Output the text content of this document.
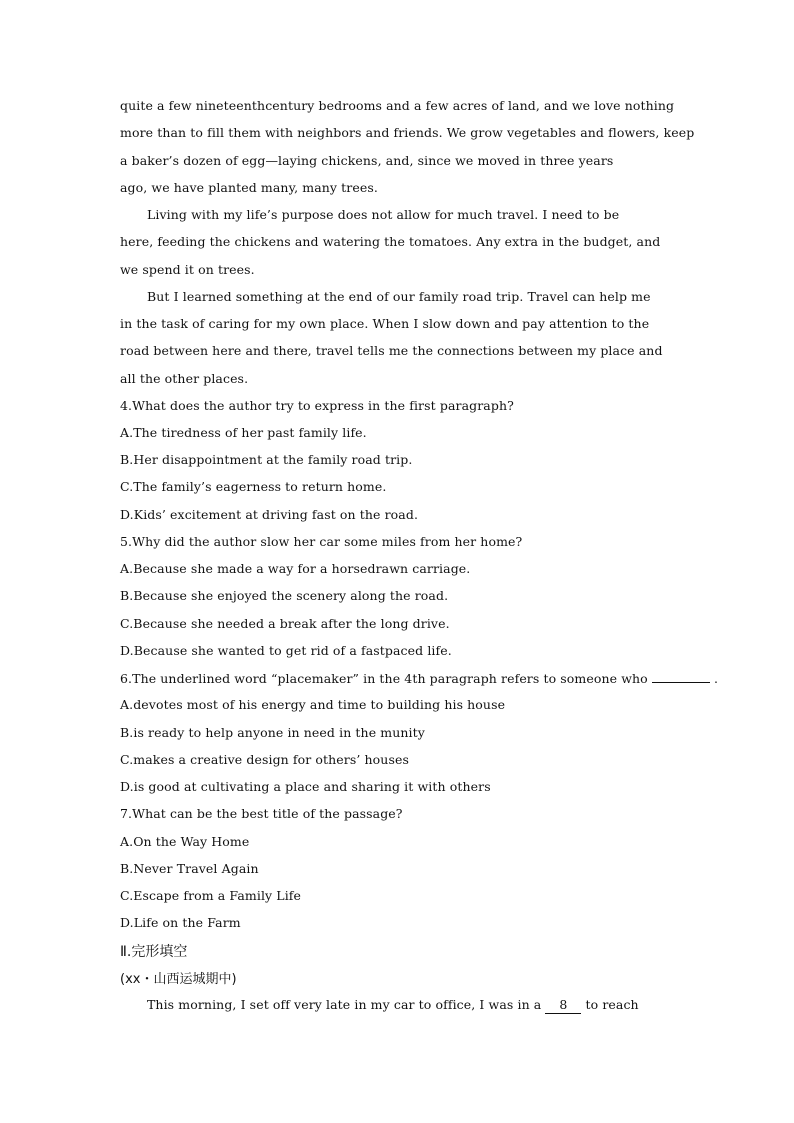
quite a few nineteenthcentury bedrooms and a few acres of land, and we love nothing
more than to fill them with neighbors and friends. We grow vegetables and flowers, keep
a baker’s dozen of egg—laying chickens, and, since we moved in three years
ago, we have planted many, many trees.
Living with my life’s purpose does not allow for much travel. I need to be
here, feeding the chickens and watering the tomatoes. Any extra in the budget, and
we spend it on trees.
But I learned something at the end of our family road trip. Travel can help me
in the task of caring for my own place. When I slow down and pay attention to the
road between here and there, travel tells me the connections between my place and
all the other places.
4.What does the author try to express in the first paragraph?
A.The tiredness of her past family life.
B.Her disappointment at the family road trip.
C.The family’s eagerness to return home.
D.Kids’ excitement at driving fast on the road.
5.Why did the author slow her car some miles from her home?
A.Because she made a way for a horsedrawn carriage.
B.Because she enjoyed the scenery along the road.
C.Because she needed a break after the long drive.
D.Because she wanted to get rid of a fastpaced life.
6.The underlined word “placemaker” in the 4th paragraph refers to someone who	.
A.devotes most of his energy and time to building his house
B.is ready to help anyone in need in the munity
C.makes a creative design for others’ houses
D.is good at cultivating a place and sharing it with others
7.What can be the best title of the passage?
A.On the Way Home
B.Never Travel Again
C.Escape from a Family Life
D.Life on the Farm
Ⅱ.完形填空
(xx・山西运城期中)
This morning, I set off very late in my car to office, I was in a 8 to reach
